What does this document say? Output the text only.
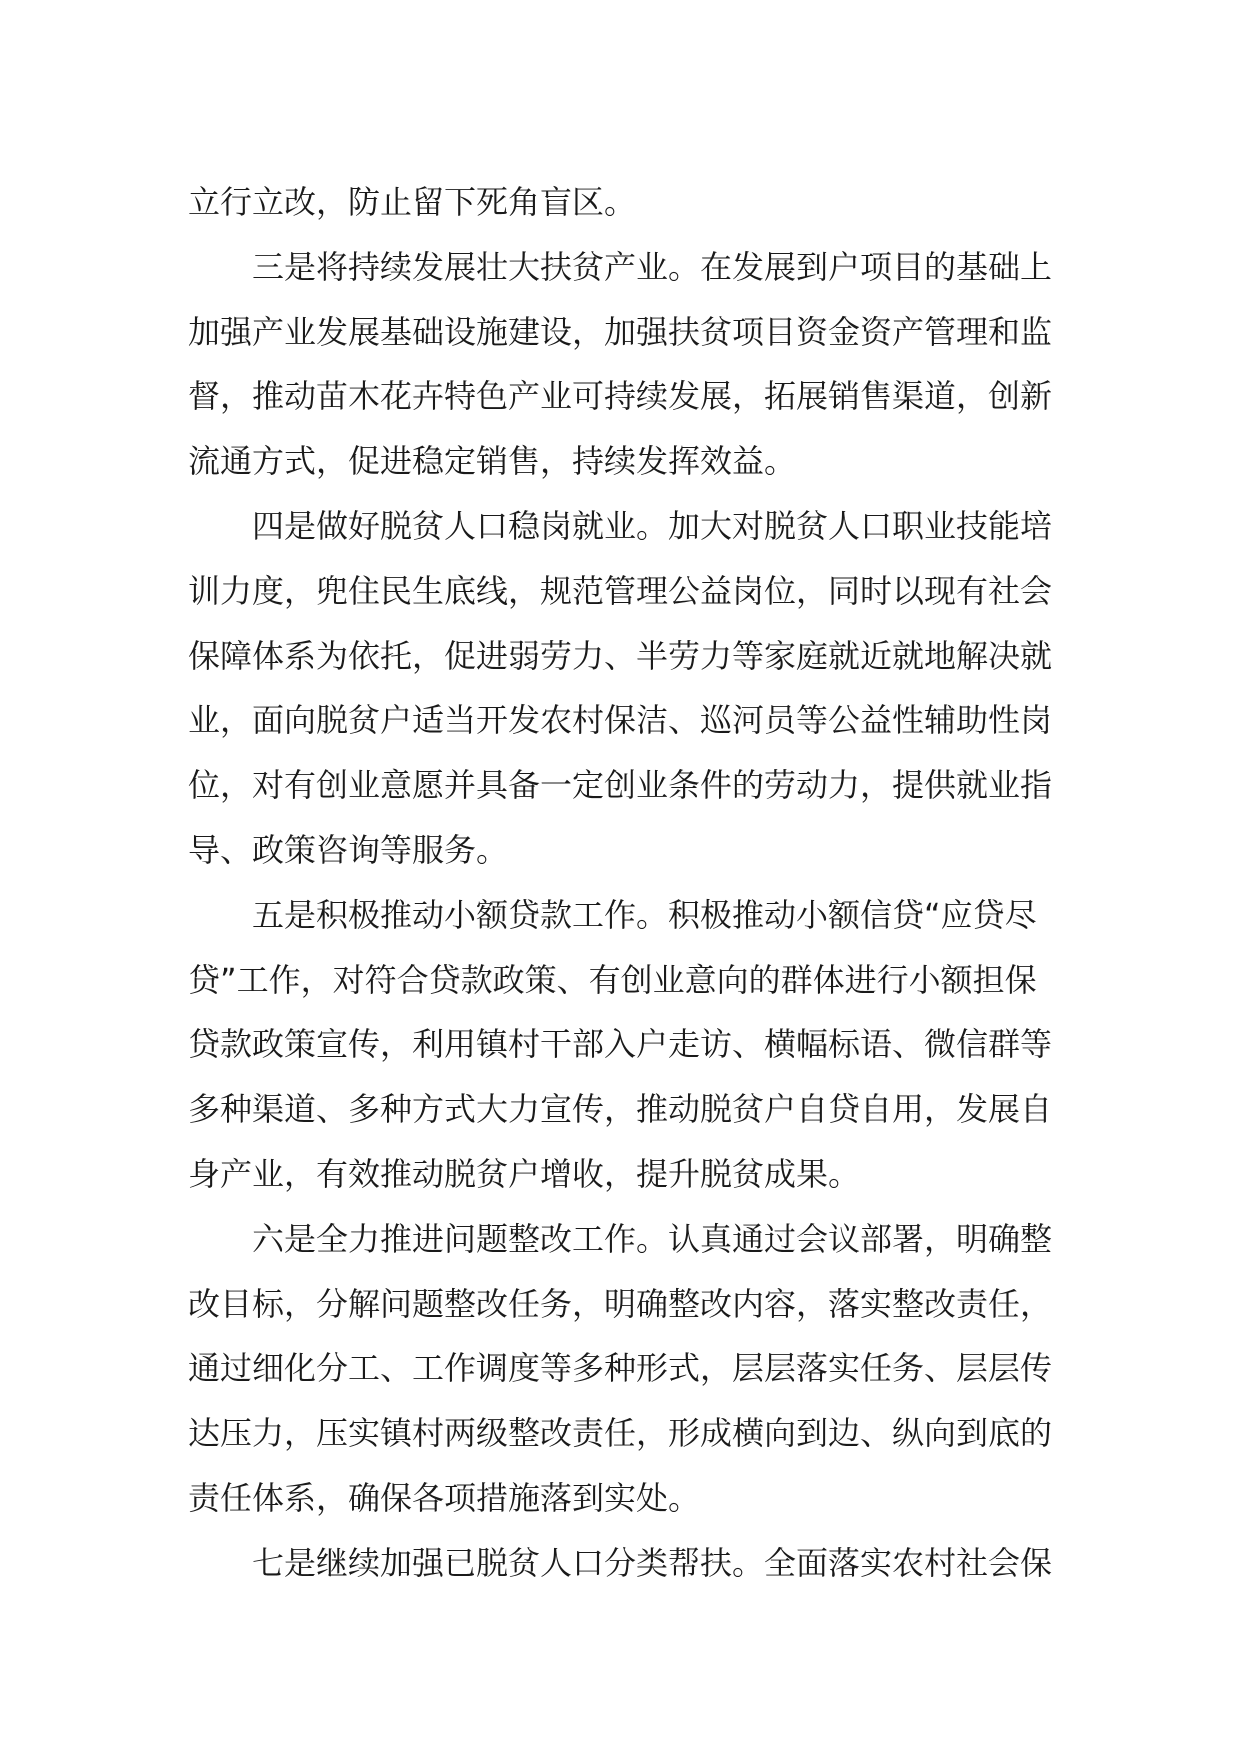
立行立改，防止留下死角盲区。
三是将持续发展壮大扶贫产业。在发展到户项目的基础上
加强产业发展基础设施建设，加强扶贫项目资金资产管理和监
督，推动苗木花卉特色产业可持续发展，拓展销售渠道，创新
流通方式，促进稳定销售，持续发挥效益。
四是做好脱贫人口稳岗就业。加大对脱贫人口职业技能培
训力度，兜住民生底线，规范管理公益岗位，同时以现有社会
保障体系为依托，促进弱劳力、半劳力等家庭就近就地解决就
业，面向脱贫户适当开发农村保洁、巡河员等公益性辅助性岗
位，对有创业意愿并具备一定创业条件的劳动力，提供就业指
导、政策咨询等服务。
五是积极推动小额贷款工作。积极推动小额信贷“应贷尽
贷”工作，对符合贷款政策、有创业意向的群体进行小额担保
贷款政策宣传，利用镇村干部入户走访、横幅标语、微信群等
多种渠道、多种方式大力宣传，推动脱贫户自贷自用，发展自
身产业，有效推动脱贫户增收，提升脱贫成果。
六是全力推进问题整改工作。认真通过会议部署，明确整
改目标，分解问题整改任务，明确整改内容，落实整改责任，
通过细化分工、工作调度等多种形式，层层落实任务、层层传
达压力，压实镇村两级整改责任，形成横向到边、纵向到底的
责任体系，确保各项措施落到实处。
七是继续加强已脱贫人口分类帮扶。全面落实农村社会保
